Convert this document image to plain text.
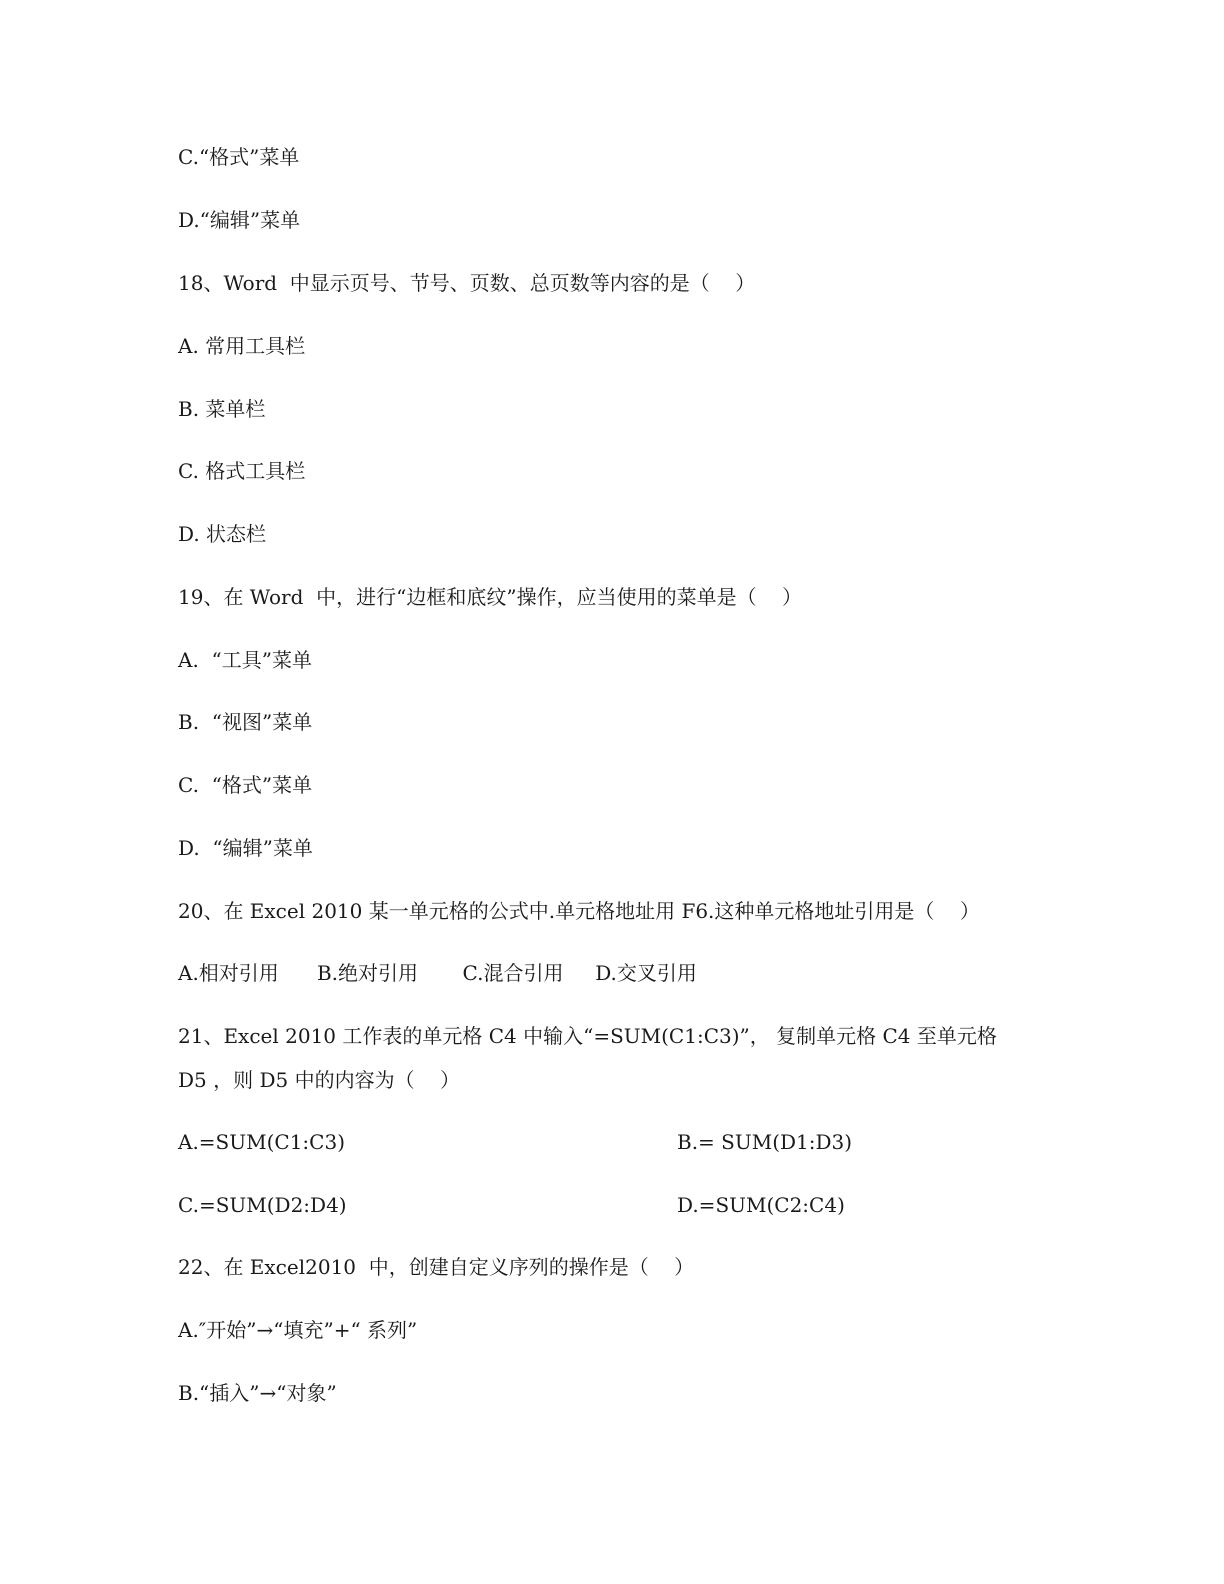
C.“格式”菜单
D.“编辑”菜单
18、Word  中显示页号、节号、页数、总页数等内容的是（    ）
A. 常用工具栏
B. 菜单栏
C. 格式工具栏
D. 状态栏
19、在 Word  中，进行“边框和底纹”操作，应当使用的菜单是（    ）
A.  “工具”菜单
B.  “视图”菜单
C.  “格式”菜单
D.  “编辑”菜单
20、在 Excel 2010 某一单元格的公式中.单元格地址用 F6.这种单元格地址引用是（    ）
A.相对引用      B.绝对引用       C.混合引用     D.交叉引用
21、Excel 2010 工作表的单元格 C4 中输入“=SUM(C1:C3)”， 复制单元格 C4 至单元格
D5 ，则 D5 中的内容为（    ）
A.=SUM(C1:C3)	B.= SUM(D1:D3)
C.=SUM(D2:D4)	D.=SUM(C2:C4)
22、在 Excel2010  中，创建自定义序列的操作是（    ）
A.″开始”→“填充”+“ 系列”
B.“插入”→“对象”
